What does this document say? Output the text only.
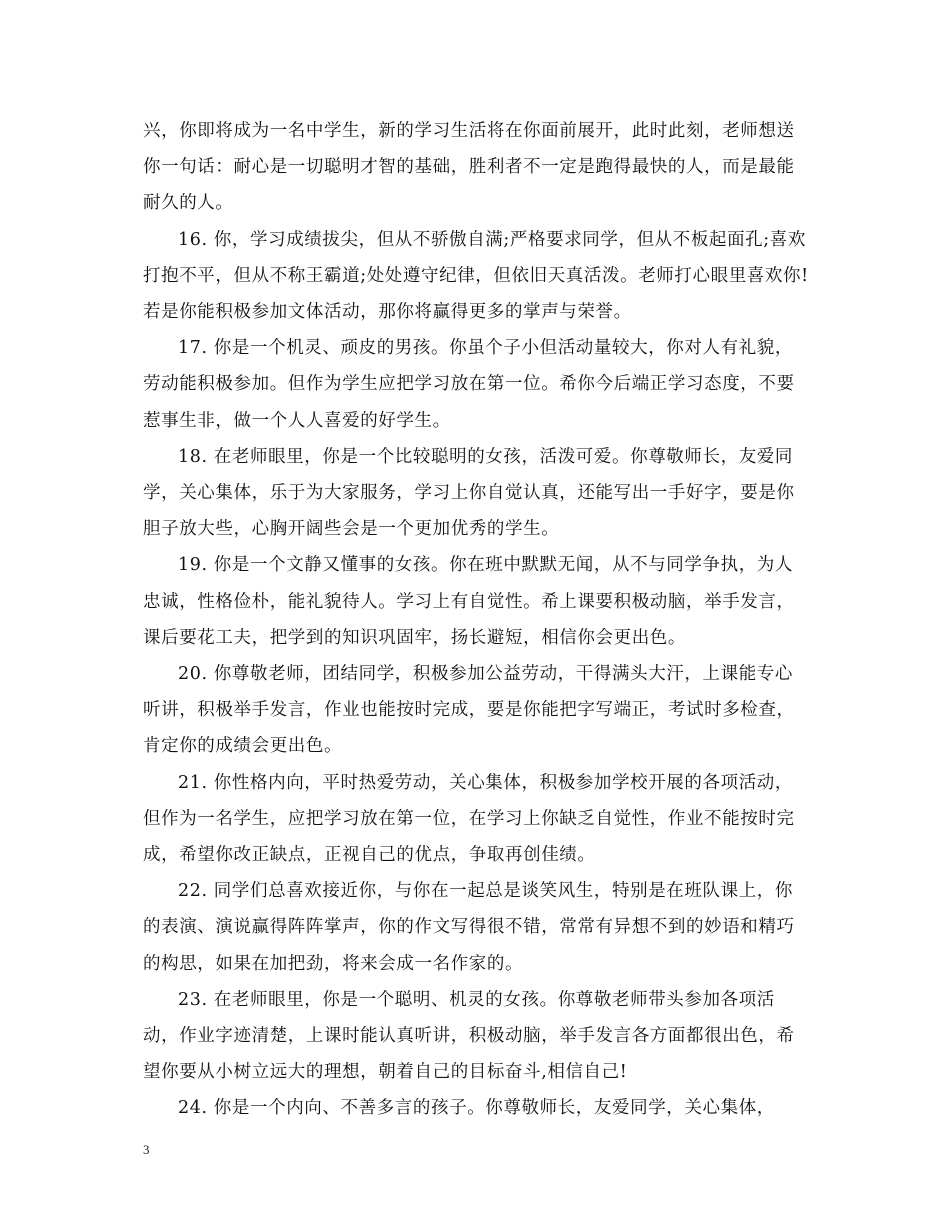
兴，你即将成为一名中学生，新的学习生活将在你面前展开，此时此刻，老师想送你一句话：耐心是一切聪明才智的基础，胜利者不一定是跑得最快的人，而是最能耐久的人。

16. 你，学习成绩拔尖，但从不骄傲自满;严格要求同学，但从不板起面孔;喜欢打抱不平，但从不称王霸道;处处遵守纪律，但依旧天真活泼。老师打心眼里喜欢你!若是你能积极参加文体活动，那你将赢得更多的掌声与荣誉。

17. 你是一个机灵、顽皮的男孩。你虽个子小但活动量较大，你对人有礼貌，劳动能积极参加。但作为学生应把学习放在第一位。希你今后端正学习态度，不要惹事生非，做一个人人喜爱的好学生。

18. 在老师眼里，你是一个比较聪明的女孩，活泼可爱。你尊敬师长，友爱同学，关心集体，乐于为大家服务，学习上你自觉认真，还能写出一手好字，要是你胆子放大些，心胸开阔些会是一个更加优秀的学生。

19. 你是一个文静又懂事的女孩。你在班中默默无闻，从不与同学争执，为人忠诚，性格俭朴，能礼貌待人。学习上有自觉性。希上课要积极动脑，举手发言，课后要花工夫，把学到的知识巩固牢，扬长避短，相信你会更出色。

20. 你尊敬老师，团结同学，积极参加公益劳动，干得满头大汗，上课能专心听讲，积极举手发言，作业也能按时完成，要是你能把字写端正，考试时多检查，肯定你的成绩会更出色。

21. 你性格内向，平时热爱劳动，关心集体，积极参加学校开展的各项活动，但作为一名学生，应把学习放在第一位，在学习上你缺乏自觉性，作业不能按时完成，希望你改正缺点，正视自己的优点，争取再创佳绩。

22. 同学们总喜欢接近你，与你在一起总是谈笑风生，特别是在班队课上，你的表演、演说赢得阵阵掌声，你的作文写得很不错，常常有异想不到的妙语和精巧的构思，如果在加把劲，将来会成一名作家的。

23. 在老师眼里，你是一个聪明、机灵的女孩。你尊敬老师带头参加各项活动，作业字迹清楚，上课时能认真听讲，积极动脑，举手发言各方面都很出色，希望你要从小树立远大的理想，朝着自己的目标奋斗,相信自己!

24. 你是一个内向、不善多言的孩子。你尊敬师长，友爱同学，关心集体，

3
